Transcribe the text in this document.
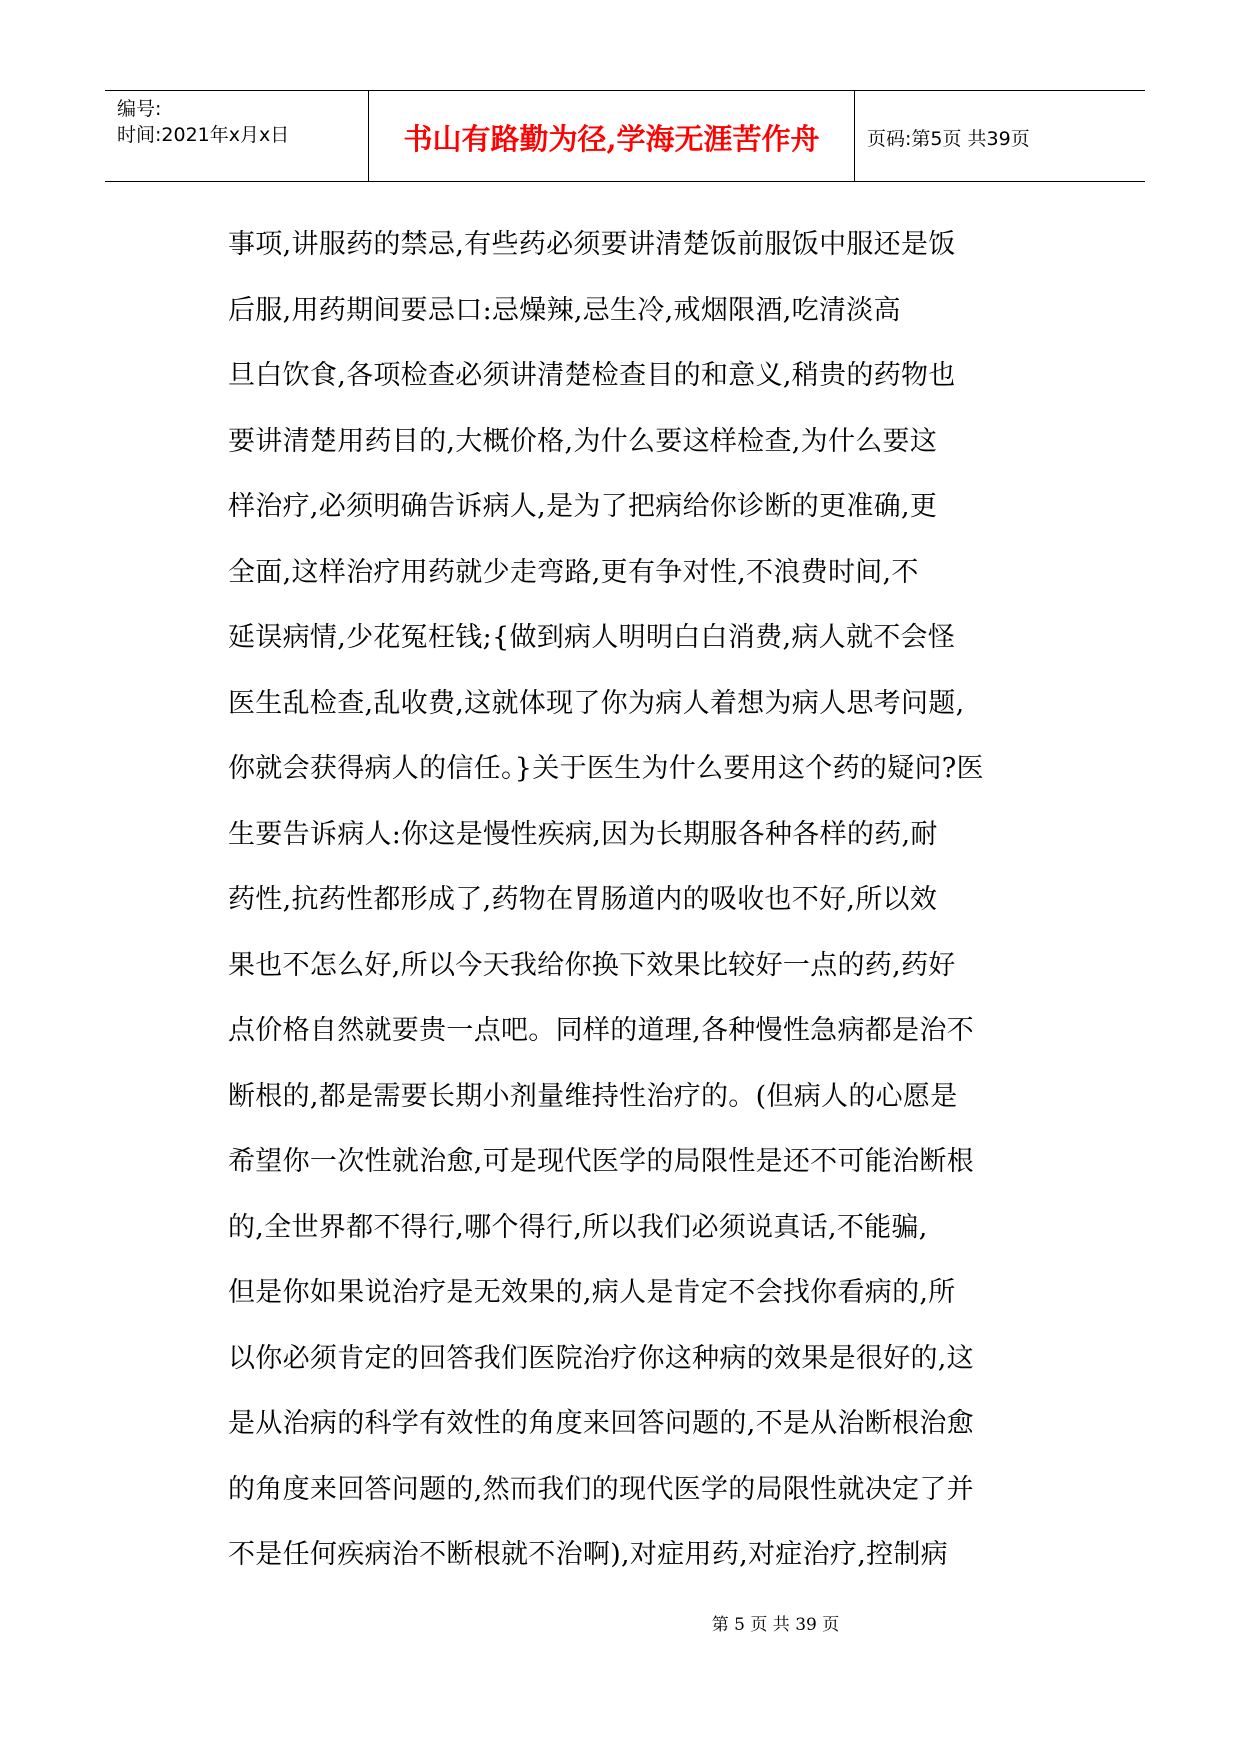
编号:
时间:2021年x月x日	书山有路勤为径,学海无涯苦作舟	页码:第5页 共39页
事项,讲服药的禁忌,有些药必须要讲清楚饭前服饭中服还是饭
后服,用药期间要忌口:忌燥辣,忌生冷,戒烟限酒,吃清淡高
旦白饮食,各项检查必须讲清楚检查目的和意义,稍贵的药物也
要讲清楚用药目的,大概价格,为什么要这样检查,为什么要这
样治疗,必须明确告诉病人,是为了把病给你诊断的更准确,更
全面,这样治疗用药就少走弯路,更有争对性,不浪费时间,不
延误病情,少花冤枉钱;{做到病人明明白白消费,病人就不会怪
医生乱检查,乱收费,这就体现了你为病人着想为病人思考问题,
你就会获得病人的信任。}关于医生为什么要用这个药的疑问?医
生要告诉病人:你这是慢性疾病,因为长期服各种各样的药,耐
药性,抗药性都形成了,药物在胃肠道内的吸收也不好,所以效
果也不怎么好,所以今天我给你换下效果比较好一点的药,药好
点价格自然就要贵一点吧。同样的道理,各种慢性急病都是治不
断根的,都是需要长期小剂量维持性治疗的。(但病人的心愿是
希望你一次性就治愈,可是现代医学的局限性是还不可能治断根
的,全世界都不得行,哪个得行,所以我们必须说真话,不能骗,
但是你如果说治疗是无效果的,病人是肯定不会找你看病的,所
以你必须肯定的回答我们医院治疗你这种病的效果是很好的,这
是从治病的科学有效性的角度来回答问题的,不是从治断根治愈
的角度来回答问题的,然而我们的现代医学的局限性就决定了并
不是任何疾病治不断根就不治啊),对症用药,对症治疗,控制病
第 5 页 共 39 页
